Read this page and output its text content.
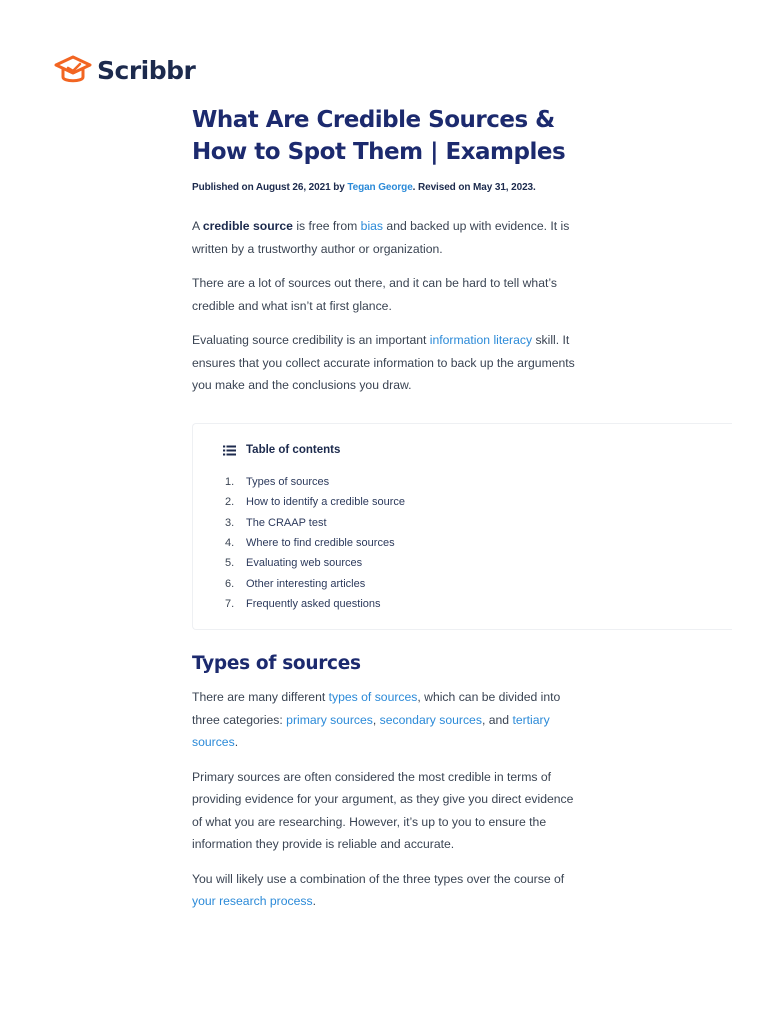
Scribbr
What Are Credible Sources & How to Spot Them | Examples
Published on August 26, 2021 by Tegan George. Revised on May 31, 2023.

A credible source is free from bias and backed up with evidence. It is written by a trustworthy author or organization.

There are a lot of sources out there, and it can be hard to tell what’s credible and what isn’t at first glance.

Evaluating source credibility is an important information literacy skill. It ensures that you collect accurate information to back up the arguments you make and the conclusions you draw.

Table of contents
1.	Types of sources
2.	How to identify a credible source
3.	The CRAAP test
4.	Where to find credible sources
5.	Evaluating web sources
6.	Other interesting articles
7.	Frequently asked questions
Types of sources

There are many different types of sources, which can be divided into three categories: primary sources, secondary sources, and tertiary sources.

Primary sources are often considered the most credible in terms of providing evidence for your argument, as they give you direct evidence of what you are researching. However, it’s up to you to ensure the information they provide is reliable and accurate.

You will likely use a combination of the three types over the course of your research process.
